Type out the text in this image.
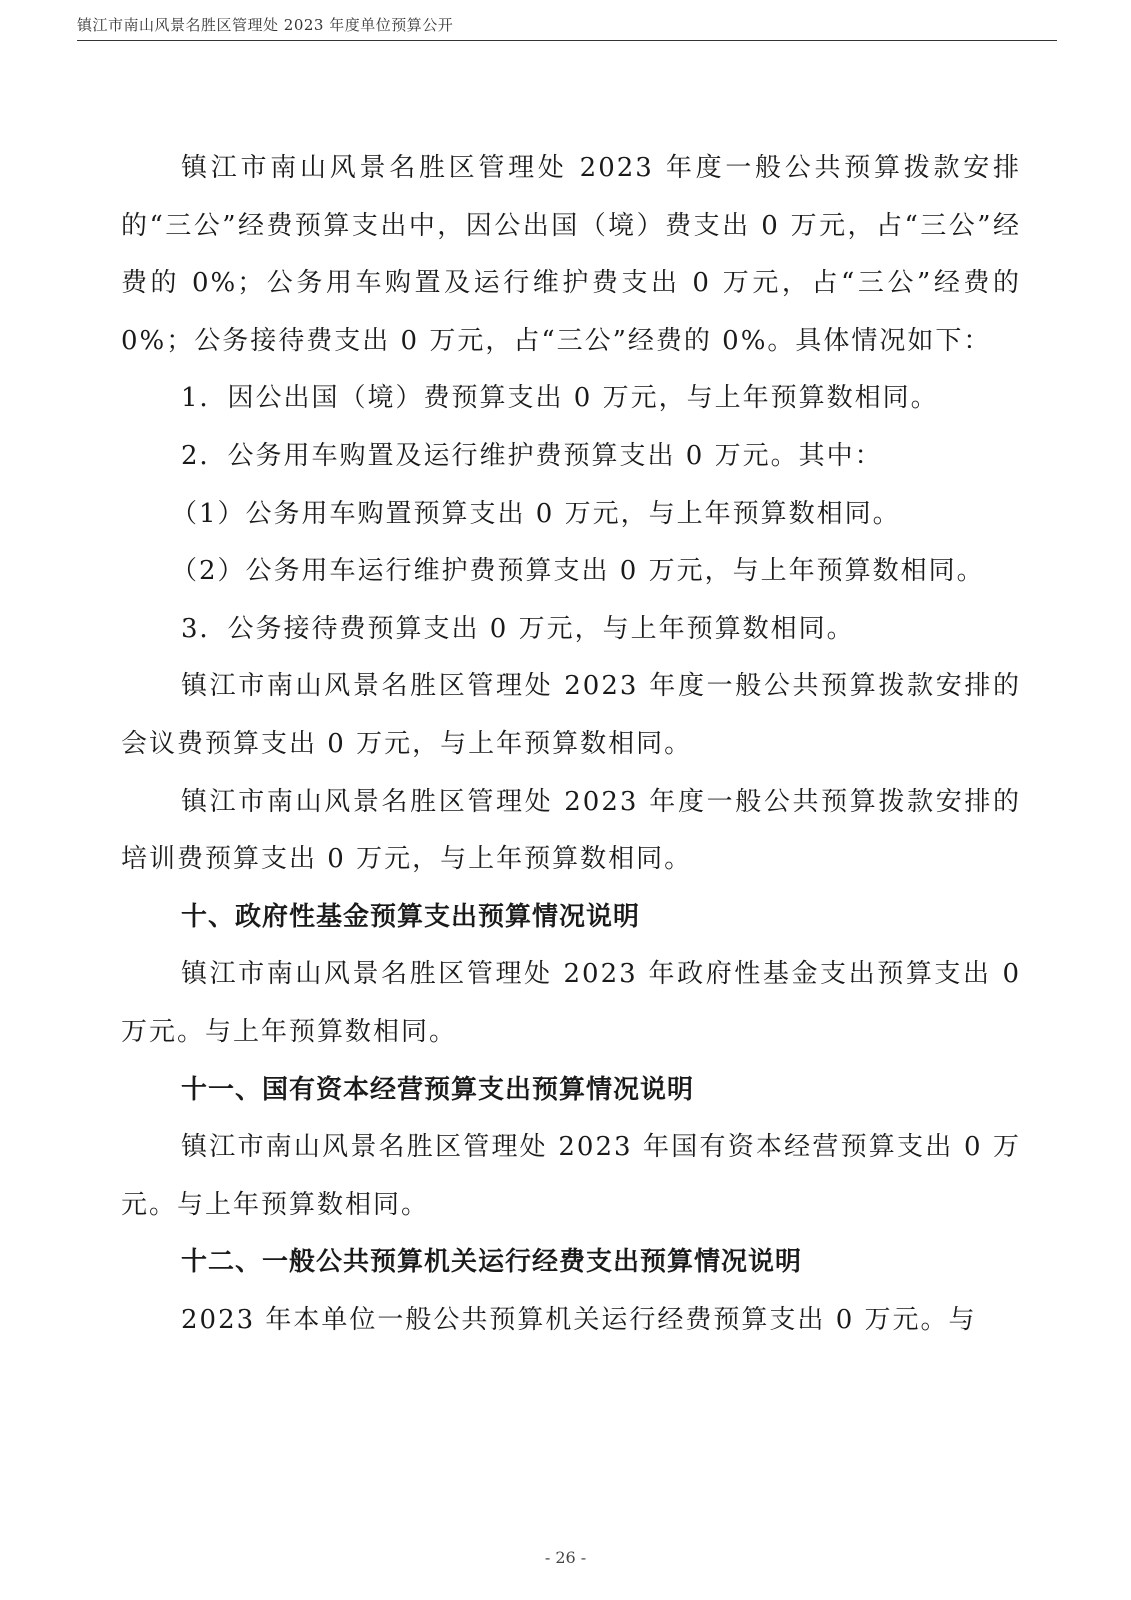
镇江市南山风景名胜区管理处 2023 年度单位预算公开

镇江市南山风景名胜区管理处 2023 年度一般公共预算拨款安排的“三公”经费预算支出中，因公出国（境）费支出 0 万元，占“三公”经费的 0%；公务用车购置及运行维护费支出 0 万元，占“三公”经费的 0%；公务接待费支出 0 万元，占“三公”经费的 0%。具体情况如下：

1．因公出国（境）费预算支出 0 万元，与上年预算数相同。

2．公务用车购置及运行维护费预算支出 0 万元。其中：

（1）公务用车购置预算支出 0 万元，与上年预算数相同。

（2）公务用车运行维护费预算支出 0 万元，与上年预算数相同。

3．公务接待费预算支出 0 万元，与上年预算数相同。

镇江市南山风景名胜区管理处 2023 年度一般公共预算拨款安排的会议费预算支出 0 万元，与上年预算数相同。

镇江市南山风景名胜区管理处 2023 年度一般公共预算拨款安排的培训费预算支出 0 万元，与上年预算数相同。

十、政府性基金预算支出预算情况说明

镇江市南山风景名胜区管理处 2023 年政府性基金支出预算支出 0 万元。与上年预算数相同。

十一、国有资本经营预算支出预算情况说明

镇江市南山风景名胜区管理处 2023 年国有资本经营预算支出 0 万元。与上年预算数相同。

十二、一般公共预算机关运行经费支出预算情况说明

2023 年本单位一般公共预算机关运行经费预算支出 0 万元。与

- 26 -
